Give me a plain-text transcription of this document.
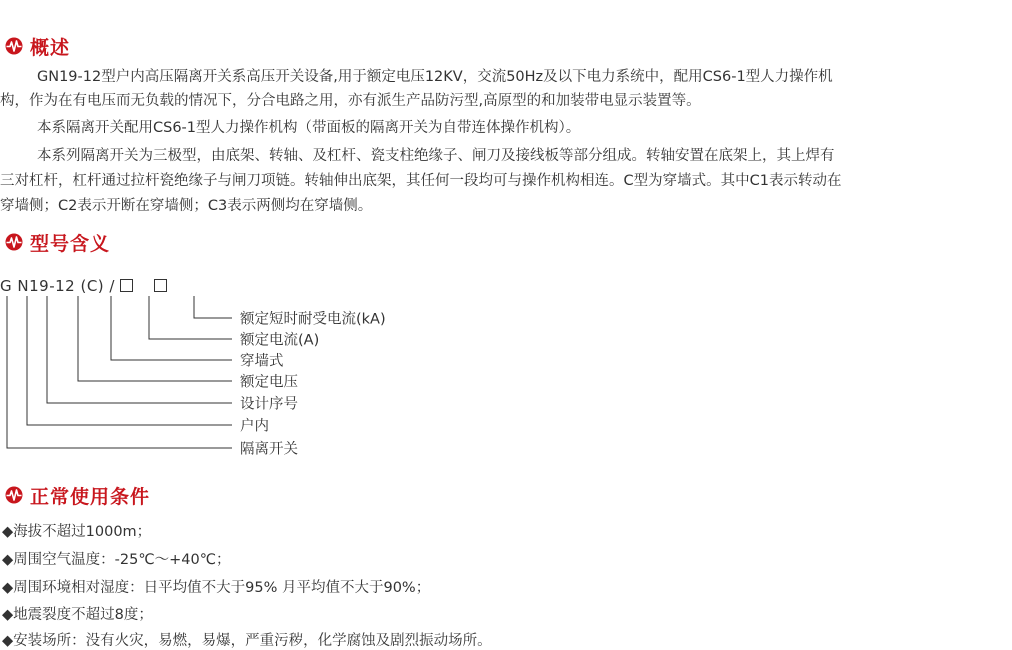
概述
GN19-12型户内高压隔离开关系高压开关设备,用于额定电压12KV，交流50Hz及以下电力系统中，配用CS6-1型人力操作机
构，作为在有电压而无负载的情况下，分合电路之用，亦有派生产品防污型,高原型的和加装带电显示装置等。
本系隔离开关配用CS6-1型人力操作机构（带面板的隔离开关为自带连体操作机构）。
本系列隔离开关为三极型，由底架、转轴、及杠杆、瓷支柱绝缘子、闸刀及接线板等部分组成。转轴安置在底架上，其上焊有
三对杠杆，杠杆通过拉杆瓷绝缘子与闸刀项链。转轴伸出底架，其任何一段均可与操作机构相连。C型为穿墙式。其中C1表示转动在
穿墙侧；C2表示开断在穿墙侧；C3表示两侧均在穿墙侧。
型号含义
G N19-12 (C) /
额定短时耐受电流(kA)
额定电流(A)
穿墙式
额定电压
设计序号
户内
隔离开关
正常使用条件
◆海拔不超过1000m；
◆周围空气温度：-25℃～+40℃；
◆周围环境相对湿度：日平均值不大于95% 月平均值不大于90%；
◆地震裂度不超过8度；
◆安装场所：没有火灾，易燃，易爆，严重污秽，化学腐蚀及剧烈振动场所。
